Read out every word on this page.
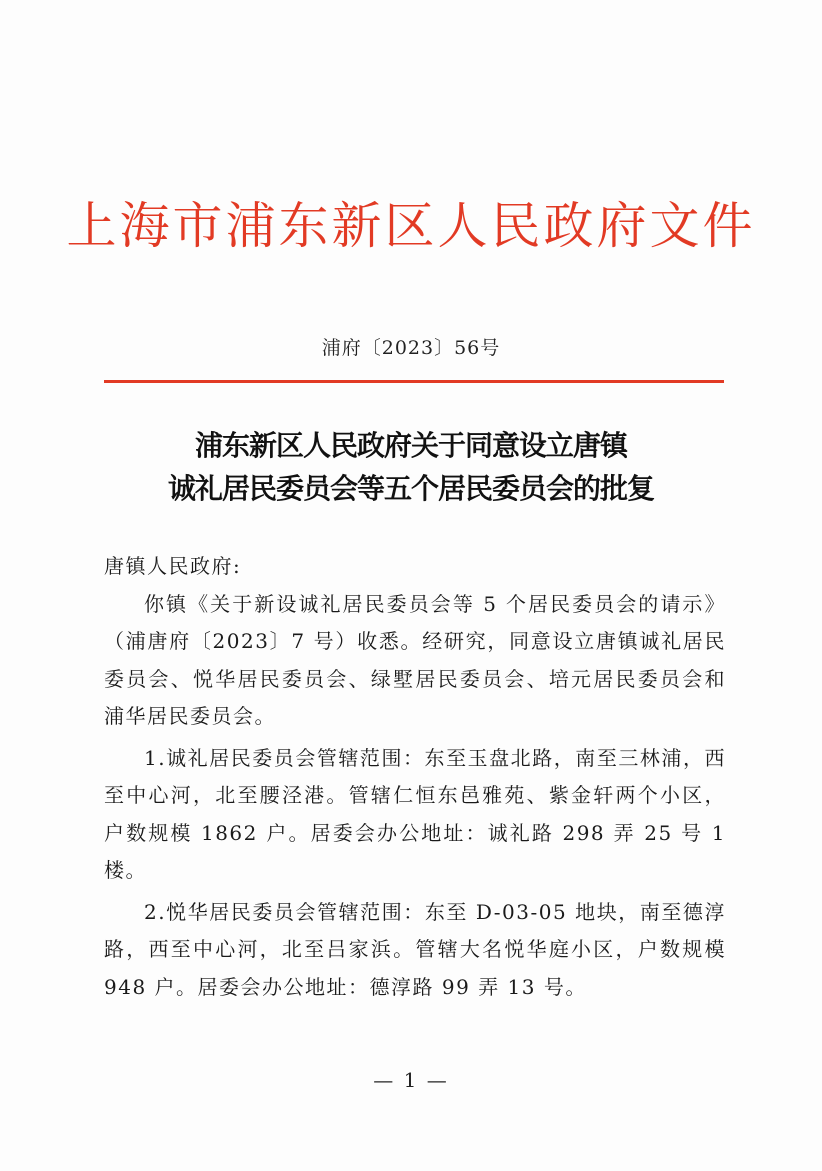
上海市浦东新区人民政府文件
浦府〔2023〕56号
浦东新区人民政府关于同意设立唐镇
诚礼居民委员会等五个居民委员会的批复

唐镇人民政府:

你镇《关于新设诚礼居民委员会等 5 个居民委员会的请示》（浦唐府〔2023〕7 号）收悉。经研究，同意设立唐镇诚礼居民委员会、悦华居民委员会、绿墅居民委员会、培元居民委员会和浦华居民委员会。

1.诚礼居民委员会管辖范围：东至玉盘北路，南至三林浦，西至中心河，北至腰泾港。管辖仁恒东邑雅苑、紫金轩两个小区，户数规模 1862 户。居委会办公地址：诚礼路 298 弄 25 号 1 楼。

2.悦华居民委员会管辖范围：东至 D-03-05 地块，南至德淳路，西至中心河，北至吕家浜。管辖大名悦华庭小区，户数规模 948 户。居委会办公地址：德淳路 99 弄 13 号。

— 1 —
